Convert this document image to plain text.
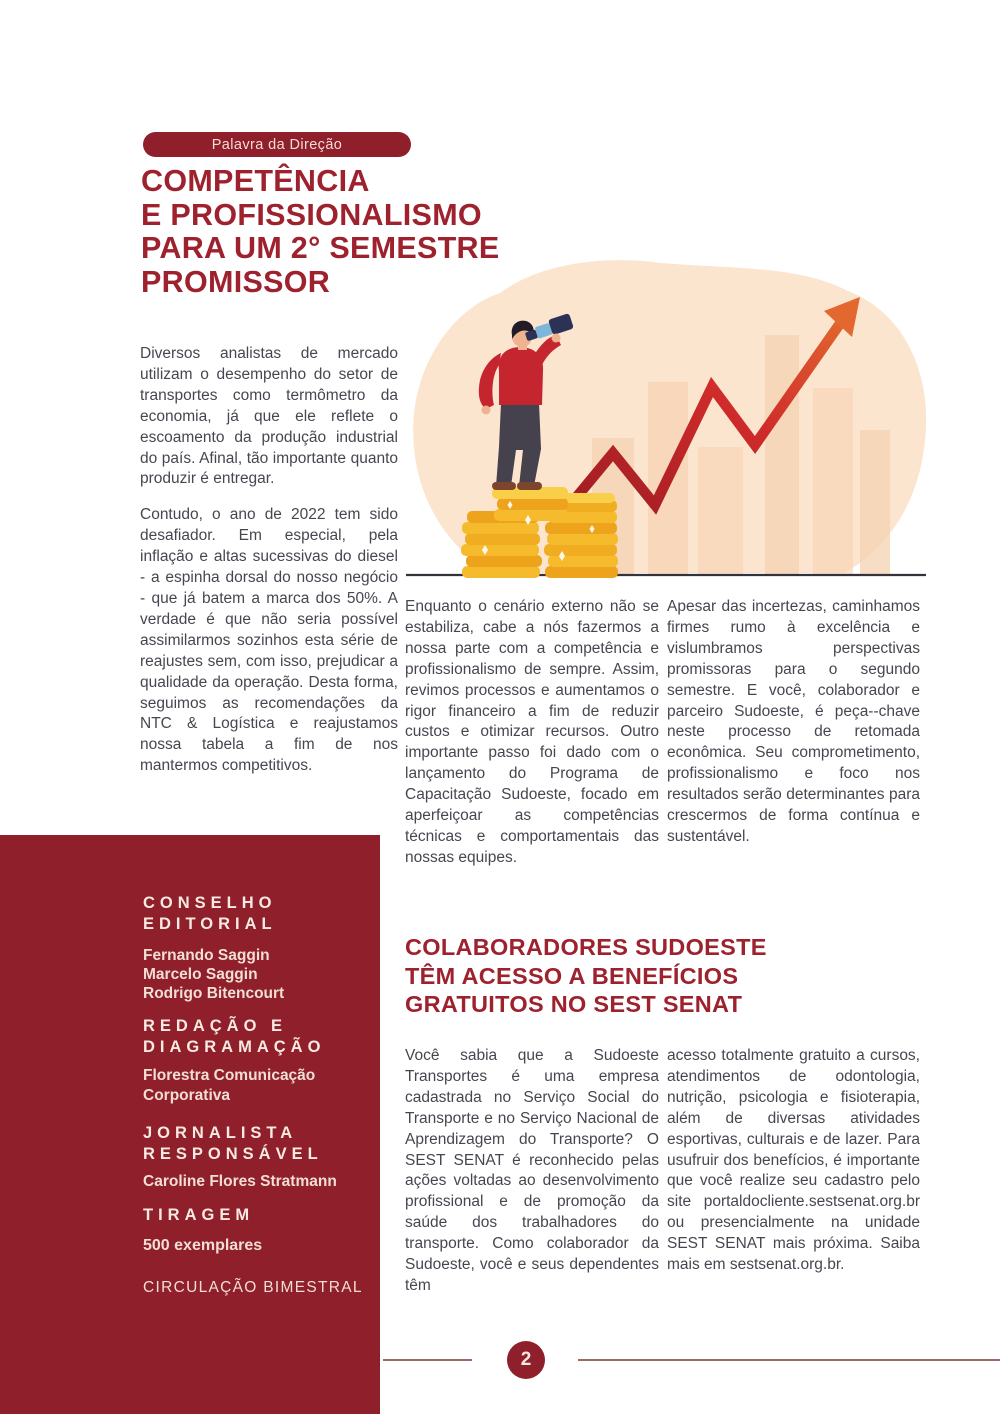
Palavra da Direção
COMPETÊNCIA
E PROFISSIONALISMO
PARA UM 2° SEMESTRE
PROMISSOR

Diversos analistas de mercado utilizam o desempenho do setor de transportes como termômetro da economia, já que ele reflete o escoamento da produção industrial do país. Afinal, tão importante quanto produzir é entregar.

Contudo, o ano de 2022 tem sido desafiador. Em especial, pela inflação e altas sucessivas do diesel - a espinha dorsal do nosso negócio - que já batem a marca dos 50%. A verdade é que não seria possível assimilarmos sozinhos esta série de reajustes sem, com isso, prejudicar a qualidade da operação. Desta forma, seguimos as recomendações da NTC & Logística e reajustamos nossa tabela a fim de nos mantermos competitivos.

Enquanto o cenário externo não se estabiliza, cabe a nós fazermos a nossa parte com a competência e profissionalismo de sempre. Assim, revimos processos e aumentamos o rigor financeiro a fim de reduzir custos e otimizar recursos. Outro importante passo foi dado com o lançamento do Programa de Capacitação Sudoeste, focado em aperfeiçoar as competências técnicas e comportamentais das nossas equipes.

Apesar das incertezas, caminhamos firmes rumo à excelência e vislumbramos perspectivas promissoras para o segundo semestre. E você, colaborador e parceiro Sudoeste, é peça--chave neste processo de retomada econômica. Seu comprometimento, profissionalismo e foco nos resultados serão determinantes para crescermos de forma contínua e sustentável.

CONSELHO EDITORIAL
Fernando Saggin
Marcelo Saggin
Rodrigo Bitencourt
REDAÇÃO E DIAGRAMAÇÃO
Florestra Comunicação Corporativa
JORNALISTA RESPONSÁVEL
Caroline Flores Stratmann
TIRAGEM
500 exemplares
CIRCULAÇÃO BIMESTRAL
COLABORADORES SUDOESTE
TÊM ACESSO A BENEFÍCIOS
GRATUITOS NO SEST SENAT

Você sabia que a Sudoeste Transportes é uma empresa cadastrada no Serviço Social do Transporte e no Serviço Nacional de Aprendizagem do Transporte? O SEST SENAT é reconhecido pelas ações voltadas ao desenvolvimento profissional e de promoção da saúde dos trabalhadores do transporte. Como colaborador da Sudoeste, você e seus dependentes têm

acesso totalmente gratuito a cursos, atendimentos de odontologia, nutrição, psicologia e fisioterapia, além de diversas atividades esportivas, culturais e de lazer. Para usufruir dos benefícios, é importante que você realize seu cadastro pelo site portaldocliente.sestsenat.org.br ou presencialmente na unidade SEST SENAT mais próxima. Saiba mais em sestsenat.org.br.

2
